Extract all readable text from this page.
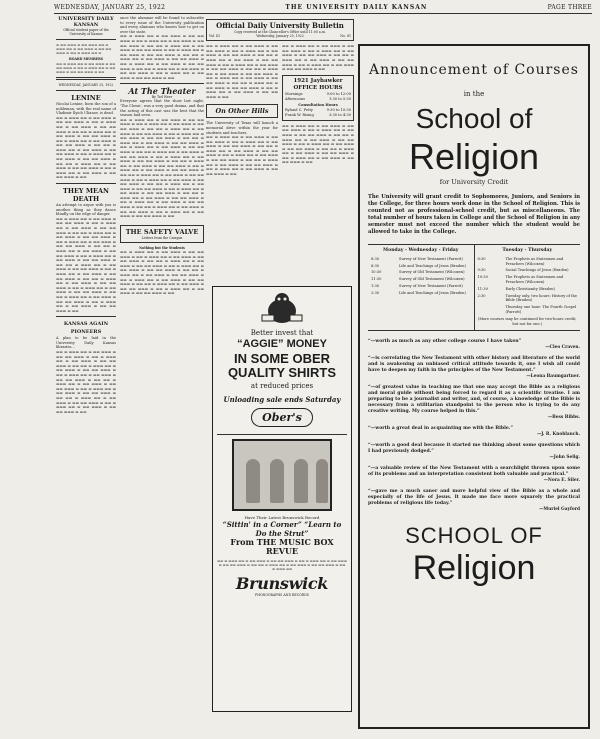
WEDNESDAY, JANUARY 25, 1922	THE UNIVERSITY DAILY KANSAN	PAGE THREE
UNIVERSITY DAILY KANSAN
Official student paper of the University of Kansas
▬ ▬▬ ▬▬▬ ▬ ▬▬ ▬▬▬ ▬▬ ▬ ▬▬▬ ▬▬ ▬ ▬▬ ▬▬▬ ▬ ▬▬ ▬▬ ▬▬▬ ▬ ▬▬ ▬ ▬▬▬ ▬▬ ▬
BOARD MEMBERS
▬▬ ▬ ▬▬▬ ▬▬ ▬ ▬▬ ▬▬▬ ▬ ▬▬ ▬▬ ▬▬▬ ▬ ▬▬ ▬ ▬▬▬ ▬▬ ▬ ▬▬ ▬▬▬ ▬ ▬▬ ▬▬ ▬▬▬ ▬ ▬▬
WEDNESDAY, JANUARY 25, 1922
LENINE
Nicolai Lenine, born the son of a nobleman, with the real name of Vladimir Ilyich Ulianov, is dead.
▬▬ ▬ ▬▬▬ ▬▬ ▬ ▬▬ ▬▬▬ ▬ ▬▬ ▬▬ ▬▬▬ ▬ ▬▬ ▬ ▬▬▬ ▬▬ ▬ ▬▬ ▬▬▬ ▬ ▬▬ ▬▬ ▬▬▬ ▬ ▬▬ ▬▬ ▬ ▬▬▬ ▬▬ ▬ ▬▬ ▬▬▬ ▬ ▬▬ ▬▬ ▬▬▬ ▬ ▬▬ ▬ ▬▬▬ ▬▬ ▬ ▬▬ ▬▬▬ ▬ ▬▬ ▬▬ ▬▬▬ ▬ ▬▬ ▬▬ ▬ ▬▬▬ ▬▬ ▬ ▬▬ ▬▬▬ ▬ ▬▬ ▬▬ ▬▬▬ ▬ ▬▬ ▬ ▬▬▬ ▬▬ ▬ ▬▬ ▬▬▬ ▬ ▬▬ ▬▬ ▬▬▬ ▬ ▬▬ ▬▬ ▬ ▬▬▬ ▬▬ ▬ ▬▬ ▬▬▬ ▬ ▬▬ ▬▬ ▬▬▬ ▬ ▬▬ ▬ ▬▬▬ ▬▬ ▬ ▬▬ ▬▬▬ ▬ ▬▬ ▬▬ ▬▬▬ ▬ ▬▬
THEY MEAN DEATH
An attempt to argue with you is another thing as they dance blindly on the edge of danger.
▬▬ ▬ ▬▬▬ ▬▬ ▬ ▬▬ ▬▬▬ ▬ ▬▬ ▬▬ ▬▬▬ ▬ ▬▬ ▬ ▬▬▬ ▬▬ ▬ ▬▬ ▬▬▬ ▬ ▬▬ ▬▬ ▬▬▬ ▬ ▬▬ ▬▬ ▬ ▬▬▬ ▬▬ ▬ ▬▬ ▬▬▬ ▬ ▬▬ ▬▬ ▬▬▬ ▬ ▬▬ ▬ ▬▬▬ ▬▬ ▬ ▬▬ ▬▬▬ ▬ ▬▬ ▬▬ ▬▬▬ ▬ ▬▬ ▬▬ ▬ ▬▬▬ ▬▬ ▬ ▬▬ ▬▬▬ ▬ ▬▬ ▬▬ ▬▬▬ ▬ ▬▬ ▬ ▬▬▬ ▬▬ ▬ ▬▬ ▬▬▬ ▬ ▬▬ ▬▬ ▬▬▬ ▬ ▬▬ ▬▬ ▬ ▬▬▬ ▬▬ ▬ ▬▬ ▬▬▬ ▬ ▬▬ ▬▬ ▬▬▬ ▬ ▬▬ ▬ ▬▬▬ ▬▬ ▬ ▬▬ ▬▬▬ ▬ ▬▬ ▬▬ ▬▬▬ ▬ ▬▬ ▬▬ ▬ ▬▬▬ ▬▬ ▬ ▬▬ ▬▬▬ ▬ ▬▬ ▬▬ ▬▬▬ ▬ ▬▬ ▬ ▬▬▬ ▬▬ ▬ ▬▬ ▬▬▬ ▬ ▬▬ ▬▬ ▬▬▬ ▬ ▬▬ ▬▬ ▬ ▬▬▬ ▬▬ ▬ ▬▬ ▬▬▬ ▬ ▬▬ ▬▬ ▬▬▬ ▬ ▬▬ ▬ ▬▬▬ ▬▬ ▬ ▬▬ ▬▬▬ ▬ ▬▬ ▬▬ ▬▬▬ ▬ ▬▬
KANSAS AGAIN PIONEERS
A plan to be laid in the University Daily Kansas libraries...
▬▬ ▬ ▬▬▬ ▬▬ ▬ ▬▬ ▬▬▬ ▬ ▬▬ ▬▬ ▬▬▬ ▬ ▬▬ ▬ ▬▬▬ ▬▬ ▬ ▬▬ ▬▬▬ ▬ ▬▬ ▬▬ ▬▬▬ ▬ ▬▬ ▬▬ ▬ ▬▬▬ ▬▬ ▬ ▬▬ ▬▬▬ ▬ ▬▬ ▬▬ ▬▬▬ ▬ ▬▬ ▬ ▬▬▬ ▬▬ ▬ ▬▬ ▬▬▬ ▬ ▬▬ ▬▬ ▬▬▬ ▬ ▬▬ ▬▬ ▬ ▬▬▬ ▬▬ ▬ ▬▬ ▬▬▬ ▬ ▬▬ ▬▬ ▬▬▬ ▬ ▬▬ ▬ ▬▬▬ ▬▬ ▬ ▬▬ ▬▬▬ ▬ ▬▬ ▬▬ ▬▬▬ ▬ ▬▬ ▬▬ ▬ ▬▬▬ ▬▬ ▬ ▬▬ ▬▬▬ ▬ ▬▬ ▬▬ ▬▬▬ ▬ ▬▬ ▬ ▬▬▬ ▬▬ ▬ ▬▬ ▬▬▬ ▬ ▬▬ ▬▬ ▬▬▬ ▬ ▬▬
once the alumnae will be found to subscribe to every issue of the University publication and every alumnus who knows how to get on over the state.
▬▬ ▬ ▬▬▬ ▬▬ ▬ ▬▬ ▬▬▬ ▬ ▬▬ ▬▬ ▬▬▬ ▬ ▬▬ ▬ ▬▬▬ ▬▬ ▬ ▬▬ ▬▬▬ ▬ ▬▬ ▬▬ ▬▬▬ ▬ ▬▬ ▬▬ ▬ ▬▬▬ ▬▬ ▬ ▬▬ ▬▬▬ ▬ ▬▬ ▬▬ ▬▬▬ ▬ ▬▬ ▬ ▬▬▬ ▬▬ ▬ ▬▬ ▬▬▬ ▬ ▬▬ ▬▬ ▬▬▬ ▬ ▬▬ ▬▬ ▬ ▬▬▬ ▬▬ ▬ ▬▬ ▬▬▬ ▬ ▬▬ ▬▬ ▬▬▬ ▬ ▬▬ ▬ ▬▬▬ ▬▬ ▬ ▬▬ ▬▬▬ ▬ ▬▬ ▬▬ ▬▬▬ ▬ ▬▬ ▬▬ ▬ ▬▬▬ ▬▬ ▬ ▬▬ ▬▬▬ ▬ ▬▬ ▬▬ ▬▬▬ ▬ ▬▬ ▬ ▬▬▬ ▬▬ ▬ ▬▬ ▬▬▬ ▬ ▬▬ ▬▬ ▬▬▬ ▬ ▬▬
At The Theater
By Ted Weer
Everyone agrees that the show last night, 'The Clown', was a very good drama, and that the acting of this cast was the best that the season had seen.
▬▬ ▬ ▬▬▬ ▬▬ ▬ ▬▬ ▬▬▬ ▬ ▬▬ ▬▬ ▬▬▬ ▬ ▬▬ ▬ ▬▬▬ ▬▬ ▬ ▬▬ ▬▬▬ ▬ ▬▬ ▬▬ ▬▬▬ ▬ ▬▬ ▬▬ ▬ ▬▬▬ ▬▬ ▬ ▬▬ ▬▬▬ ▬ ▬▬ ▬▬ ▬▬▬ ▬ ▬▬ ▬ ▬▬▬ ▬▬ ▬ ▬▬ ▬▬▬ ▬ ▬▬ ▬▬ ▬▬▬ ▬ ▬▬ ▬▬ ▬ ▬▬▬ ▬▬ ▬ ▬▬ ▬▬▬ ▬ ▬▬ ▬▬ ▬▬▬ ▬ ▬▬ ▬ ▬▬▬ ▬▬ ▬ ▬▬ ▬▬▬ ▬ ▬▬ ▬▬ ▬▬▬ ▬ ▬▬ ▬▬ ▬ ▬▬▬ ▬▬ ▬ ▬▬ ▬▬▬ ▬ ▬▬ ▬▬ ▬▬▬ ▬ ▬▬ ▬ ▬▬▬ ▬▬ ▬ ▬▬ ▬▬▬ ▬ ▬▬ ▬▬ ▬▬▬ ▬ ▬▬ ▬▬ ▬ ▬▬▬ ▬▬ ▬ ▬▬ ▬▬▬ ▬ ▬▬ ▬▬ ▬▬▬ ▬ ▬▬ ▬ ▬▬▬ ▬▬ ▬ ▬▬ ▬▬▬ ▬ ▬▬ ▬▬ ▬▬▬ ▬ ▬▬ ▬▬ ▬ ▬▬▬ ▬▬ ▬ ▬▬ ▬▬▬ ▬ ▬▬ ▬▬ ▬▬▬ ▬ ▬▬ ▬ ▬▬▬ ▬▬ ▬ ▬▬ ▬▬▬ ▬ ▬▬ ▬▬ ▬▬▬ ▬ ▬▬ ▬▬ ▬ ▬▬▬ ▬▬ ▬ ▬▬ ▬▬▬ ▬ ▬▬ ▬▬ ▬▬▬ ▬ ▬▬ ▬ ▬▬▬ ▬▬ ▬ ▬▬ ▬▬▬ ▬ ▬▬ ▬▬ ▬▬▬ ▬ ▬▬ ▬▬ ▬ ▬▬▬ ▬▬ ▬ ▬▬ ▬▬▬ ▬ ▬▬ ▬▬ ▬▬▬ ▬ ▬▬ ▬ ▬▬▬ ▬▬ ▬ ▬▬ ▬▬▬ ▬ ▬▬ ▬▬ ▬▬▬ ▬ ▬▬ ▬▬ ▬ ▬▬▬ ▬▬ ▬ ▬▬ ▬▬▬ ▬ ▬▬ ▬▬ ▬▬▬ ▬ ▬▬ ▬ ▬▬▬ ▬▬ ▬ ▬▬ ▬▬▬ ▬ ▬▬ ▬▬ ▬▬▬ ▬ ▬▬
THE SAFETY VALVE
Letters from the Campus
Nothing but the Students
▬▬ ▬ ▬▬▬ ▬▬ ▬ ▬▬ ▬▬▬ ▬ ▬▬ ▬▬ ▬▬▬ ▬ ▬▬ ▬ ▬▬▬ ▬▬ ▬ ▬▬ ▬▬▬ ▬ ▬▬ ▬▬ ▬▬▬ ▬ ▬▬ ▬▬ ▬ ▬▬▬ ▬▬ ▬ ▬▬ ▬▬▬ ▬ ▬▬ ▬▬ ▬▬▬ ▬ ▬▬ ▬ ▬▬▬ ▬▬ ▬ ▬▬ ▬▬▬ ▬ ▬▬ ▬▬ ▬▬▬ ▬ ▬▬ ▬▬ ▬ ▬▬▬ ▬▬ ▬ ▬▬ ▬▬▬ ▬ ▬▬ ▬▬ ▬▬▬ ▬ ▬▬ ▬ ▬▬▬ ▬▬ ▬ ▬▬ ▬▬▬ ▬ ▬▬ ▬▬ ▬▬▬ ▬ ▬▬ ▬▬ ▬ ▬▬▬ ▬▬ ▬ ▬▬ ▬▬▬ ▬ ▬▬ ▬▬ ▬▬▬ ▬ ▬▬ ▬ ▬▬▬ ▬▬ ▬ ▬▬ ▬▬▬ ▬ ▬▬ ▬▬ ▬▬▬ ▬ ▬▬
Official Daily University Bulletin
Copy received at the Chancellor's Office until 11:00 a.m.
Vol. III	Wednesday, January 25, 1922	No. 81
▬▬ ▬ ▬▬▬ ▬▬ ▬ ▬▬ ▬▬▬ ▬ ▬▬ ▬▬ ▬▬▬ ▬ ▬▬ ▬ ▬▬▬ ▬▬ ▬ ▬▬ ▬▬▬ ▬ ▬▬ ▬▬ ▬▬▬ ▬ ▬▬ ▬▬ ▬ ▬▬▬ ▬▬ ▬ ▬▬ ▬▬▬ ▬ ▬▬ ▬▬ ▬▬▬ ▬ ▬▬ ▬ ▬▬▬ ▬▬ ▬ ▬▬ ▬▬▬ ▬ ▬▬ ▬▬ ▬▬▬ ▬ ▬▬ ▬▬ ▬ ▬▬▬ ▬▬ ▬ ▬▬ ▬▬▬ ▬ ▬▬ ▬▬ ▬▬▬ ▬ ▬▬ ▬ ▬▬▬ ▬▬ ▬ ▬▬ ▬▬▬ ▬ ▬▬ ▬▬ ▬▬▬ ▬ ▬▬ ▬▬ ▬ ▬▬▬ ▬▬ ▬ ▬▬ ▬▬▬ ▬ ▬▬ ▬▬ ▬▬▬ ▬ ▬▬ ▬ ▬▬▬ ▬▬ ▬ ▬▬ ▬▬▬ ▬ ▬▬ ▬▬ ▬▬▬ ▬ ▬▬
On Other Hills
The University of Texas will launch a memorial drive within the year for students and teachers.
▬▬ ▬ ▬▬▬ ▬▬ ▬ ▬▬ ▬▬▬ ▬ ▬▬ ▬▬ ▬▬▬ ▬ ▬▬ ▬ ▬▬▬ ▬▬ ▬ ▬▬ ▬▬▬ ▬ ▬▬ ▬▬ ▬▬▬ ▬ ▬▬ ▬▬ ▬ ▬▬▬ ▬▬ ▬ ▬▬ ▬▬▬ ▬ ▬▬ ▬▬ ▬▬▬ ▬ ▬▬ ▬ ▬▬▬ ▬▬ ▬ ▬▬ ▬▬▬ ▬ ▬▬ ▬▬ ▬▬▬ ▬ ▬▬ ▬▬ ▬ ▬▬▬ ▬▬ ▬ ▬▬ ▬▬▬ ▬ ▬▬ ▬▬ ▬▬▬ ▬ ▬▬ ▬ ▬▬▬ ▬▬ ▬ ▬▬ ▬▬▬ ▬ ▬▬ ▬▬ ▬▬▬ ▬ ▬▬
▬▬ ▬ ▬▬▬ ▬▬ ▬ ▬▬ ▬▬▬ ▬ ▬▬ ▬▬ ▬▬▬ ▬ ▬▬ ▬ ▬▬▬ ▬▬ ▬ ▬▬ ▬▬▬ ▬ ▬▬ ▬▬ ▬▬▬ ▬ ▬▬ ▬▬ ▬ ▬▬▬ ▬▬ ▬ ▬▬ ▬▬▬ ▬ ▬▬ ▬▬ ▬▬▬ ▬ ▬▬ ▬ ▬▬▬ ▬▬ ▬ ▬▬ ▬▬▬ ▬ ▬▬ ▬▬ ▬▬▬ ▬ ▬▬
1921 Jayhawker OFFICE HOURS
Mornings	9:00 to 12:00
Afternoons	1:30 to 5:30
Consultation Hours
Ryland C. Petty	9:30 to 10:30
Frank W. Rising	3:30 to 4:30
▬▬ ▬ ▬▬▬ ▬▬ ▬ ▬▬ ▬▬▬ ▬ ▬▬ ▬▬ ▬▬▬ ▬ ▬▬ ▬ ▬▬▬ ▬▬ ▬ ▬▬ ▬▬▬ ▬ ▬▬ ▬▬ ▬▬▬ ▬ ▬▬ ▬▬ ▬ ▬▬▬ ▬▬ ▬ ▬▬ ▬▬▬ ▬ ▬▬ ▬▬ ▬▬▬ ▬ ▬▬ ▬ ▬▬▬ ▬▬ ▬ ▬▬ ▬▬▬ ▬ ▬▬ ▬▬ ▬▬▬ ▬ ▬▬ ▬▬ ▬ ▬▬▬ ▬▬ ▬ ▬▬ ▬▬▬ ▬ ▬▬ ▬▬ ▬▬▬ ▬ ▬▬ ▬ ▬▬▬ ▬▬ ▬ ▬▬ ▬▬▬ ▬ ▬▬ ▬▬ ▬▬▬ ▬ ▬▬
Better invest that
“AGGIE” MONEY
IN SOME OBER QUALITY SHIRTS
at reduced prices
Unloading sale ends Saturday
Ober's
Have Their Latest Brunswick Record
“Sittin' in a Corner” “Learn to Do the Strut”
From THE MUSIC BOX REVUE
▬▬ ▬ ▬▬▬ ▬▬ ▬ ▬▬ ▬▬▬ ▬ ▬▬ ▬▬ ▬▬▬ ▬ ▬▬ ▬ ▬▬▬ ▬▬ ▬ ▬▬ ▬▬▬ ▬ ▬▬ ▬▬ ▬▬▬ ▬ ▬▬ ▬▬ ▬ ▬▬▬ ▬▬ ▬ ▬▬ ▬▬▬ ▬ ▬▬ ▬▬ ▬▬▬ ▬ ▬▬ ▬ ▬▬▬ ▬▬
Brunswick
PHONOGRAPHS AND RECORDS
Announcement of Courses
in the
School of
Religion
for University Credit
The University will grant credit to Sophomores, Juniors, and Seniors in the College, for three hours work done in the School of Religion. This is counted not as professional-school credit, but as miscellaneous. The total number of hours taken in College and the School of Religion in any semester must not exceed the number which the student would be allowed to take in the College.
Monday - Wednesday - Friday
8:30	Survey of New Testament (Parrott)
8:30	Life and Teachings of Jesus (Braden)
10:30	Survey of Old Testament (Wilcoxen)
11:30	Survey of Old Testament (Wilcoxen)
1:30	Survey of New Testament (Parrott)
2:30	Life and Teachings of Jesus (Braden)
Tuesday - Thursday
8:30	The Prophets as Statesmen and Preachers (Wilcoxen)
9:30	Social Teachings of Jesus (Braden)
10:30	The Prophets as Statesmen and Preachers (Wilcoxen)
11:30	Early Christianity (Braden)
2:30	Tuesday only, two hours: History of the Bible (Braden)
Thursday one hour: The Fourth Gospel (Parrott)
(More courses may be continued for two-hours credit, but not for one.)
“—worth as much as any other college course I have taken”
—Cleo Craven.
“—is correlating the New Testament with other history and literature of the world and is awakening an unbiased critical attitude towards it, one I wish all could have to deepen my faith in the principles of the New Testament.”
—Leona Baumgartner.
“—of greatest value in teaching me that one may accept the Bible as a religious and moral guide without being forced to regard it as a scientific treatise. I am preparing to be a journalist and writer, and, of course, a knowledge of the Bible is necessary from a utilitarian standpoint to the person who is trying to do any creative writing. My course helped in this.”
—Bess Bibbs.
“—worth a great deal in acquainting me with the Bible.”
—J. R. Knoblauch.
“—worth a good deal because it started me thinking about some questions which I had previously dodged.”
—John Selig.
“—a valuable review of the New Testament with a searchlight thrown upon some of its problems and an interpretation consistent both valuable and practical.”
—Nora E. Siler.
“—gave me a much saner and more helpful view of the Bible as a whole and especially of the life of Jesus. It made me face more squarely the practical problems of religious life today.”
—Muriel Gayford
SCHOOL OF
Religion
